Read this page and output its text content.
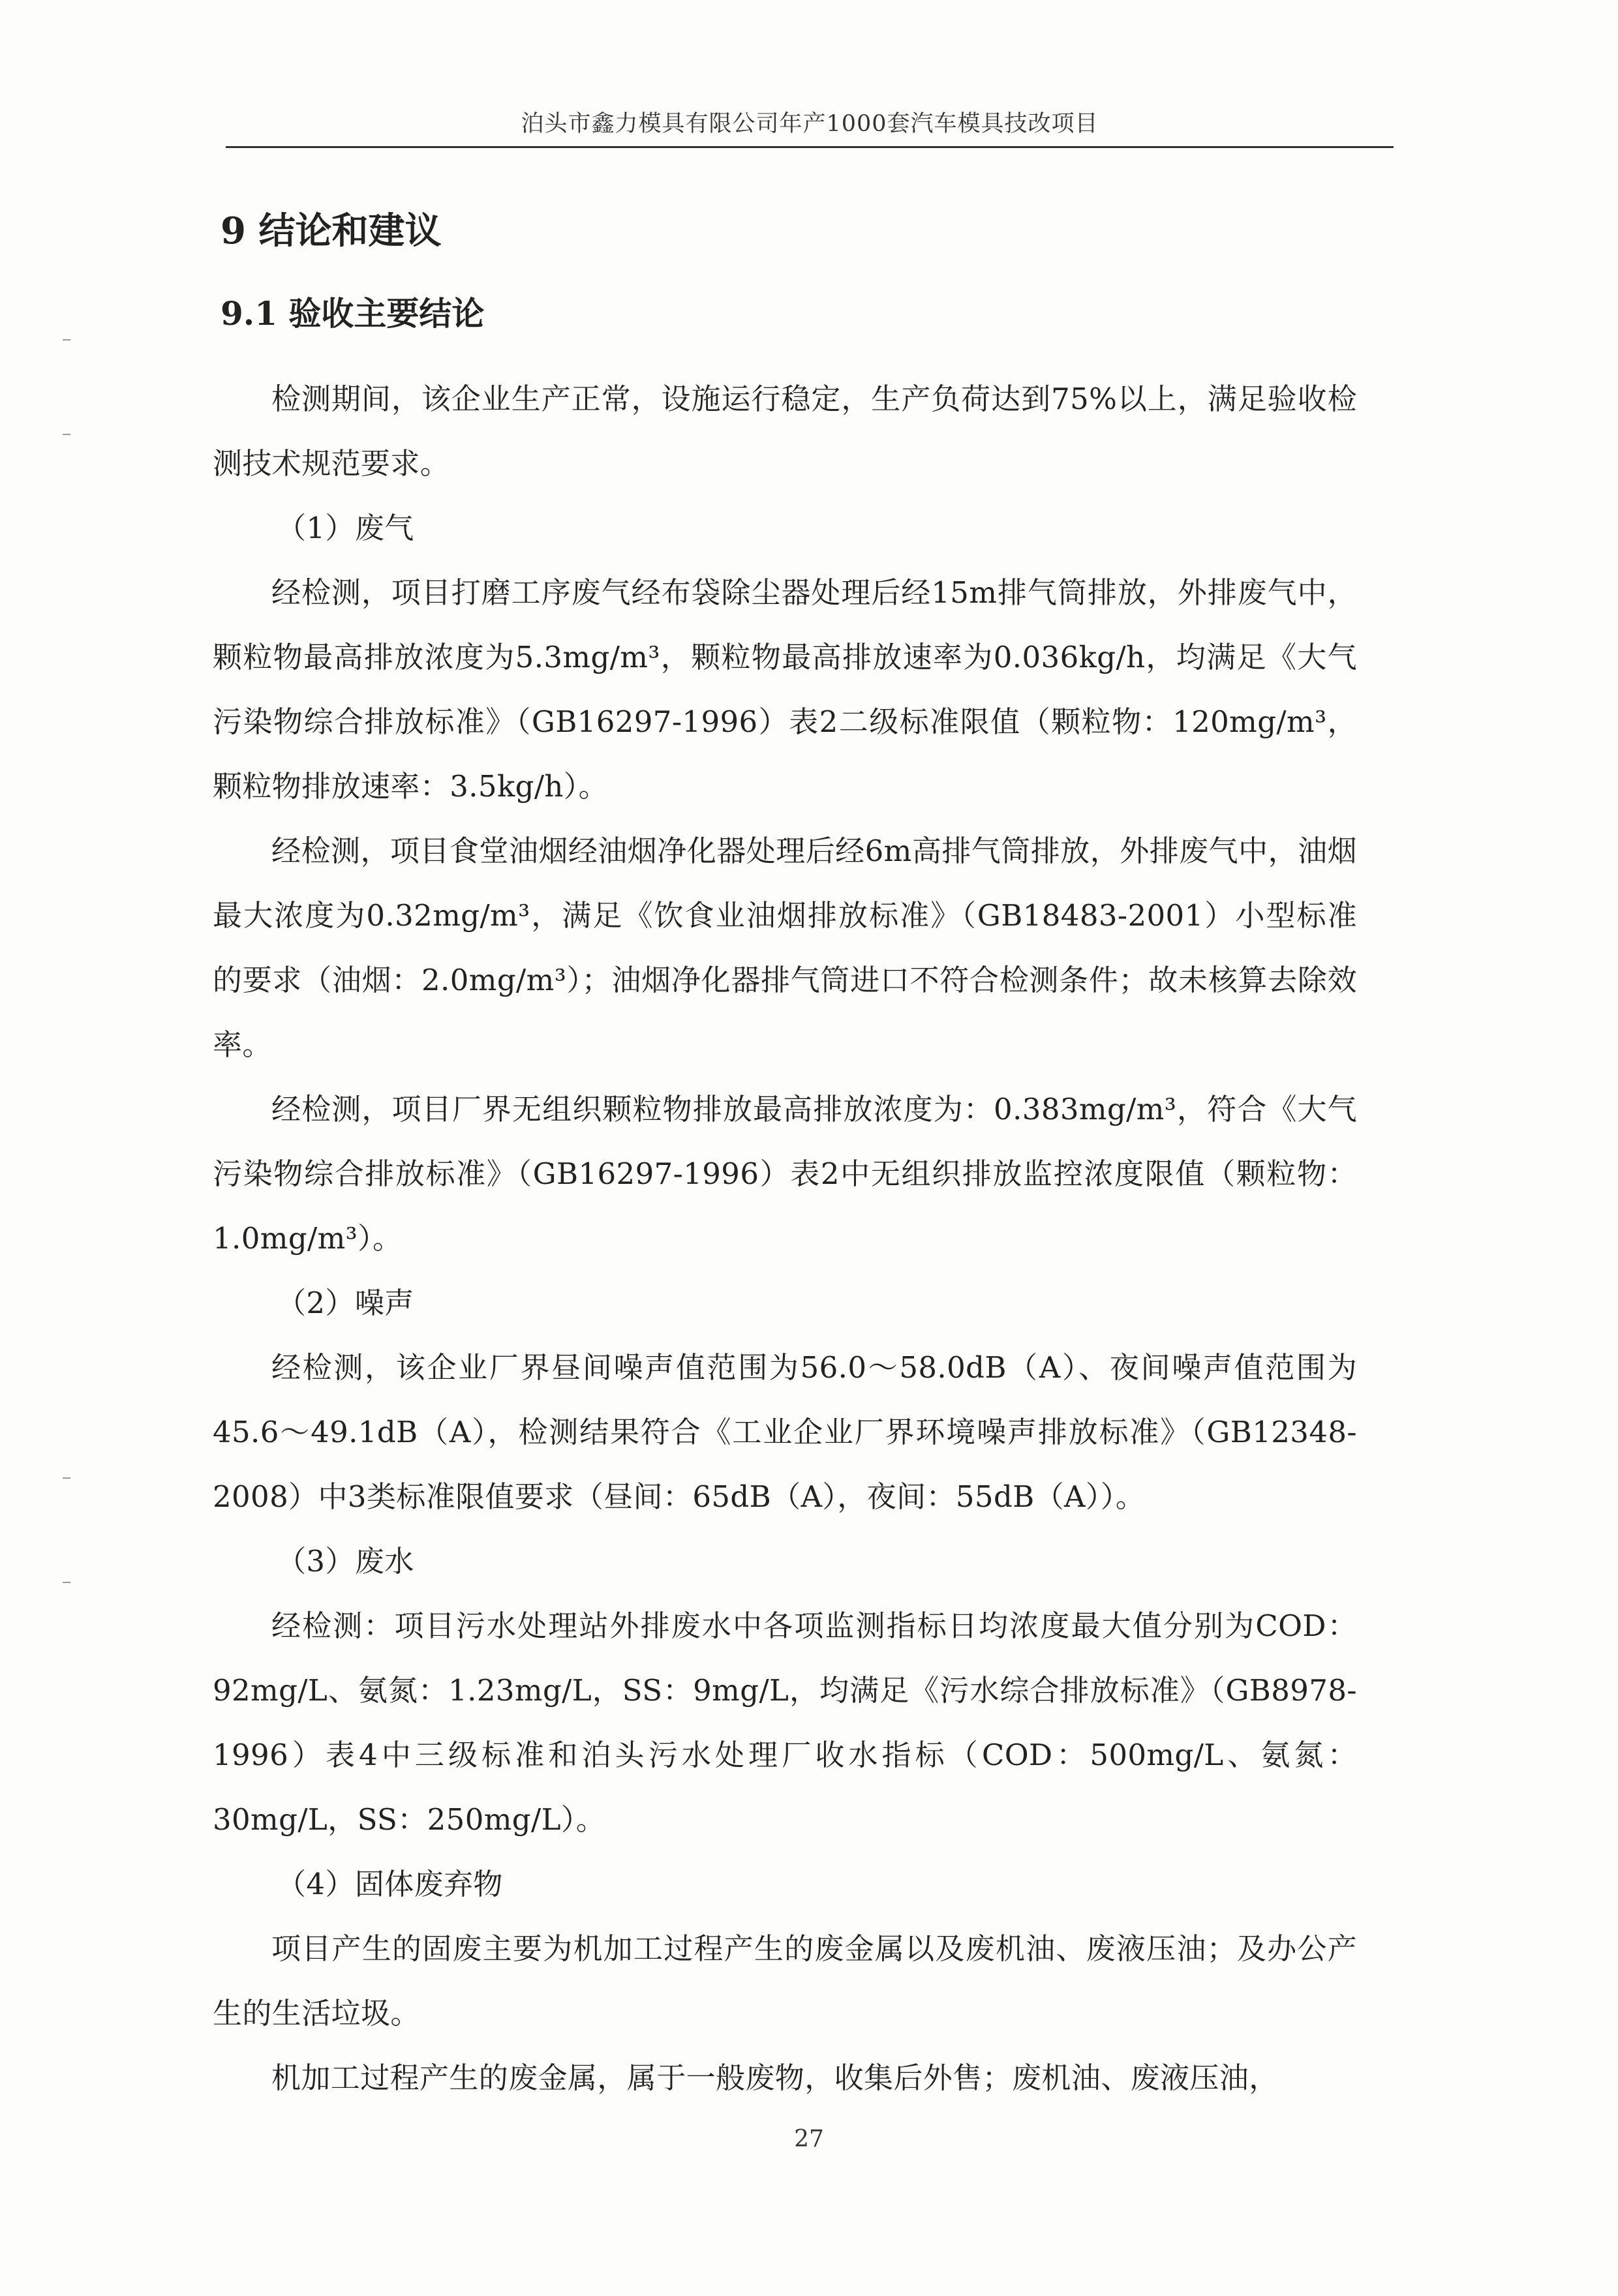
泊头市鑫力模具有限公司年产1000套汽车模具技改项目
9 结论和建议
9.1 验收主要结论

检测期间，该企业生产正常，设施运行稳定，生产负荷达到75%以上，满足验收检测技术规范要求。

（1）废气

经检测，项目打磨工序废气经布袋除尘器处理后经15m排气筒排放，外排废气中，颗粒物最高排放浓度为5.3mg/m³，颗粒物最高排放速率为0.036kg/h，均满足《大气污染物综合排放标准》（GB16297-1996）表2二级标准限值（颗粒物：120mg/m³，颗粒物排放速率：3.5kg/h）。

经检测，项目食堂油烟经油烟净化器处理后经6m高排气筒排放，外排废气中，油烟最大浓度为0.32mg/m³，满足《饮食业油烟排放标准》（GB18483-2001）小型标准的要求（油烟：2.0mg/m³）；油烟净化器排气筒进口不符合检测条件；故未核算去除效率。

经检测，项目厂界无组织颗粒物排放最高排放浓度为：0.383mg/m³，符合《大气污染物综合排放标准》（GB16297-1996）表2中无组织排放监控浓度限值（颗粒物：1.0mg/m³）。

（2）噪声

经检测，该企业厂界昼间噪声值范围为56.0～58.0dB（A）、夜间噪声值范围为45.6～49.1dB（A），检测结果符合《工业企业厂界环境噪声排放标准》（GB12348-2008）中3类标准限值要求（昼间：65dB（A），夜间：55dB（A））。

（3）废水

经检测：项目污水处理站外排废水中各项监测指标日均浓度最大值分别为COD：92mg/L、氨氮：1.23mg/L，SS：9mg/L，均满足《污水综合排放标准》（GB8978-1996）表4中三级标准和泊头污水处理厂收水指标（COD：500mg/L、氨氮：30mg/L，SS：250mg/L）。

（4）固体废弃物

项目产生的固废主要为机加工过程产生的废金属以及废机油、废液压油；及办公产生的生活垃圾。

机加工过程产生的废金属，属于一般废物，收集后外售；废机油、废液压油，

27
